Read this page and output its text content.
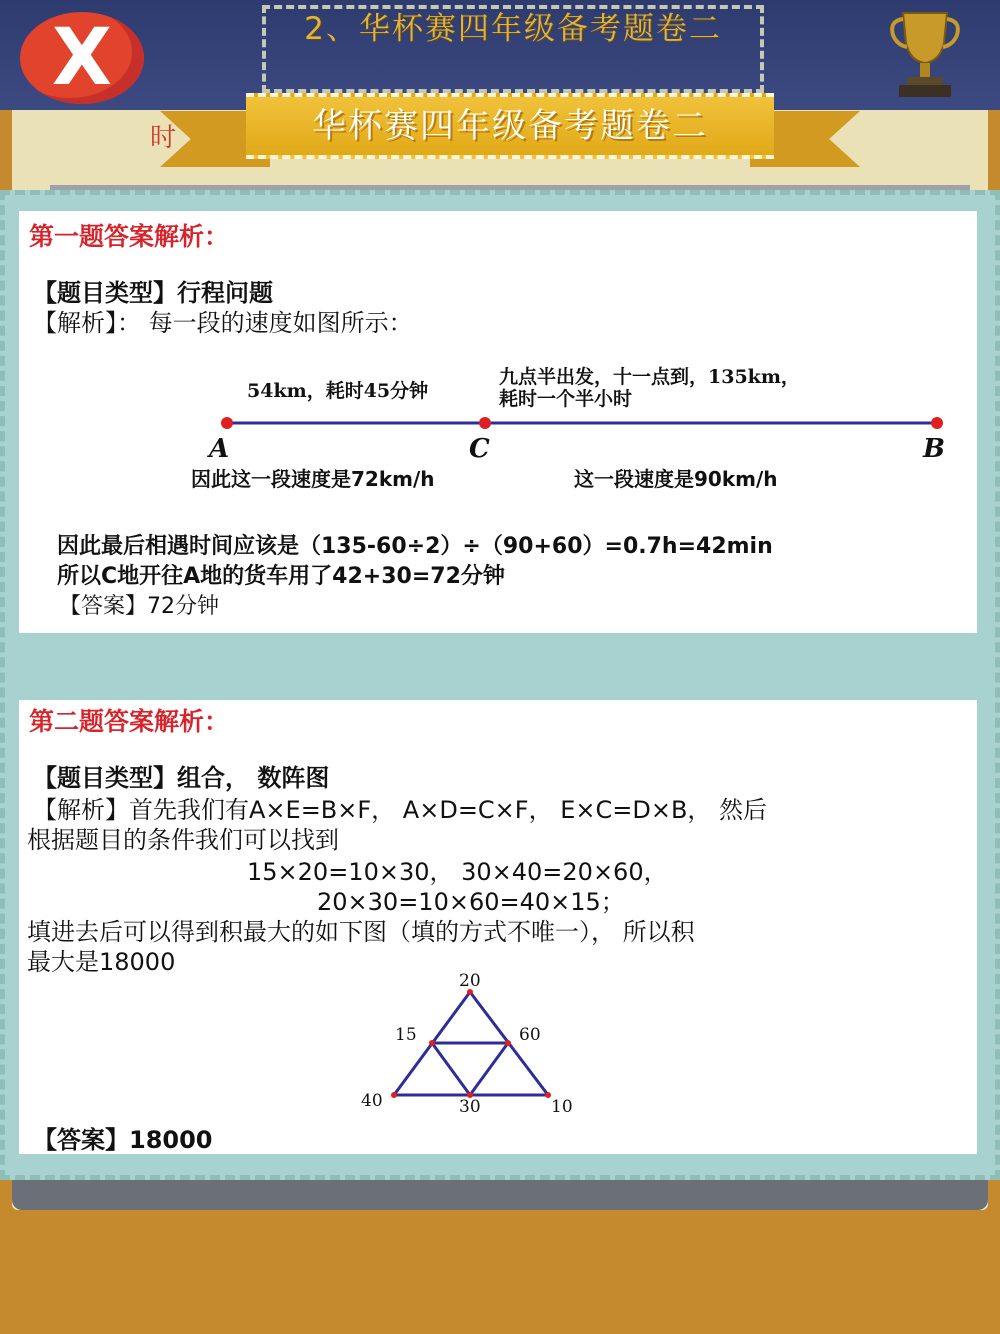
2、华杯赛四年级备考题卷二
X
时	华杯赛四年级备考题卷二
第一题答案解析：
【题目类型】行程问题
【解析】： 每一段的速度如图所示：
54km，耗时45分钟
九点半出发，十一点到，135km，
耗时一个半小时
A	C	B
因此这一段速度是72km/h	这一段速度是90km/h
因此最后相遇时间应该是（135-60÷2）÷（90+60）=0.7h=42min
所以C地开往A地的货车用了42+30=72分钟
【答案】72分钟
第二题答案解析：
【题目类型】组合， 数阵图
【解析】首先我们有A×E=B×F， A×D=C×F， E×C=D×B， 然后
根据题目的条件我们可以找到
15×20=10×30， 30×40=20×60，
20×30=10×60=40×15；
填进去后可以得到积最大的如下图（填的方式不唯一）， 所以积
最大是18000
20
15	60
40	30	10
【答案】18000
